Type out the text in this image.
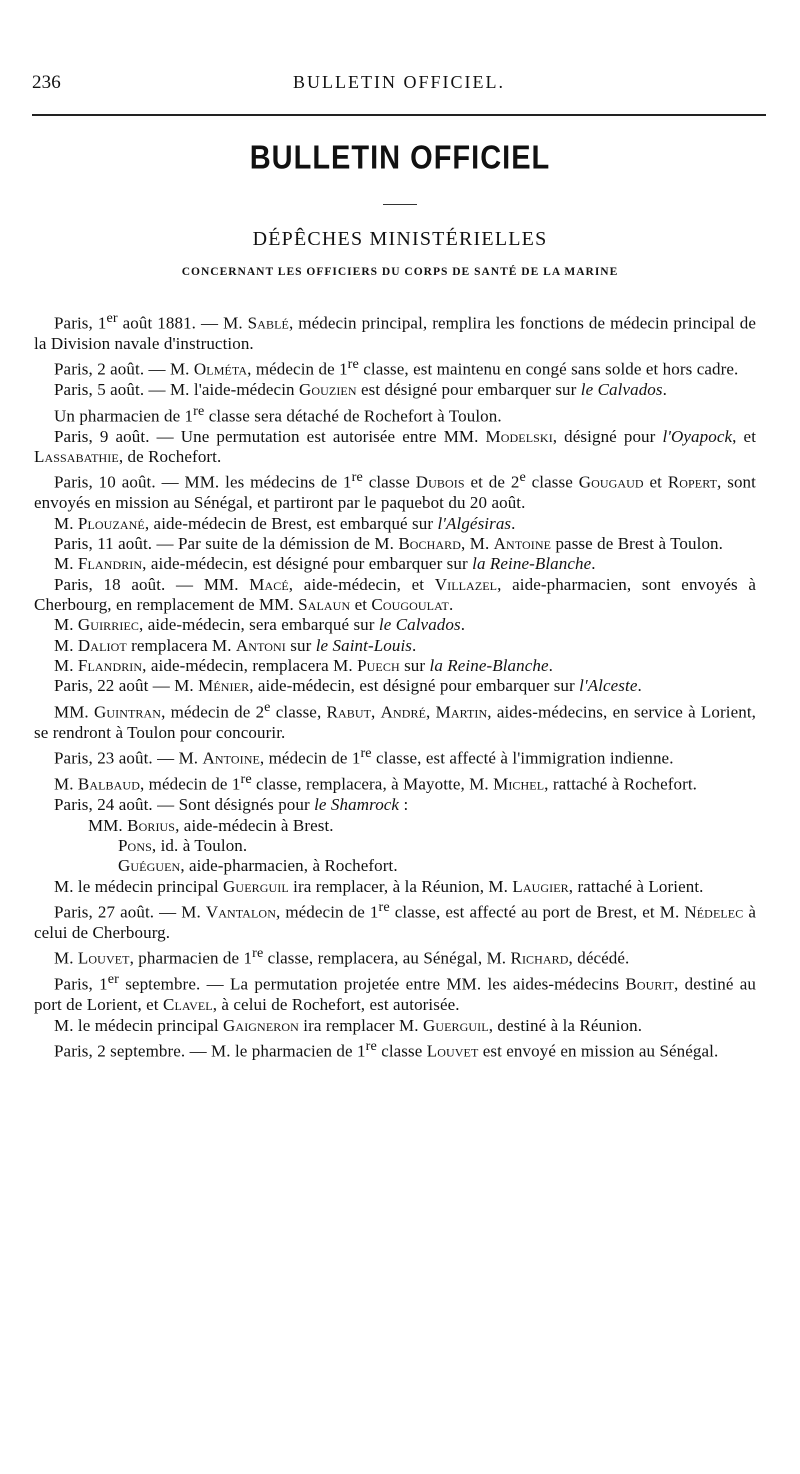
236	BULLETIN OFFICIEL.
BULLETIN OFFICIEL
DÉPÊCHES MINISTÉRIELLES
CONCERNANT LES OFFICIERS DU CORPS DE SANTÉ DE LA MARINE

Paris, 1er août 1881. — M. Sablé, médecin principal, remplira les fonctions de médecin principal de la Division navale d'instruction.

Paris, 2 août. — M. Olméta, médecin de 1re classe, est maintenu en congé sans solde et hors cadre.

Paris, 5 août. — M. l'aide-médecin Gouzien est désigné pour embarquer sur le Calvados.

Un pharmacien de 1re classe sera détaché de Rochefort à Toulon.

Paris, 9 août. — Une permutation est autorisée entre MM. Modelski, désigné pour l'Oyapock, et Lassabathie, de Rochefort.

Paris, 10 août. — MM. les médecins de 1re classe Dubois et de 2e classe Gougaud et Ropert, sont envoyés en mission au Sénégal, et partiront par le paquebot du 20 août.

M. Plouzané, aide-médecin de Brest, est embarqué sur l'Algésiras.

Paris, 11 août. — Par suite de la démission de M. Bochard, M. Antoine passe de Brest à Toulon.

M. Flandrin, aide-médecin, est désigné pour embarquer sur la Reine-Blanche.

Paris, 18 août. — MM. Macé, aide-médecin, et Villazel, aide-pharmacien, sont envoyés à Cherbourg, en remplacement de MM. Salaun et Cougoulat.

M. Guirriec, aide-médecin, sera embarqué sur le Calvados.

M. Daliot remplacera M. Antoni sur le Saint-Louis.

M. Flandrin, aide-médecin, remplacera M. Puech sur la Reine-Blanche.

Paris, 22 août — M. Ménier, aide-médecin, est désigné pour embarquer sur l'Alceste.

MM. Guintran, médecin de 2e classe, Rabut, André, Martin, aides-médecins, en service à Lorient, se rendront à Toulon pour concourir.

Paris, 23 août. — M. Antoine, médecin de 1re classe, est affecté à l'immigration indienne.

M. Balbaud, médecin de 1re classe, remplacera, à Mayotte, M. Michel, rattaché à Rochefort.

Paris, 24 août. — Sont désignés pour le Shamrock :

MM. Borius, aide-médecin à Brest.

Pons, id. à Toulon.

Guéguen, aide-pharmacien, à Rochefort.

M. le médecin principal Guerguil ira remplacer, à la Réunion, M. Laugier, rattaché à Lorient.

Paris, 27 août. — M. Vantalon, médecin de 1re classe, est affecté au port de Brest, et M. Nédelec à celui de Cherbourg.

M. Louvet, pharmacien de 1re classe, remplacera, au Sénégal, M. Richard, décédé.

Paris, 1er septembre. — La permutation projetée entre MM. les aides-médecins Bourit, destiné au port de Lorient, et Clavel, à celui de Rochefort, est autorisée.

M. le médecin principal Gaigneron ira remplacer M. Guerguil, destiné à la Réunion.

Paris, 2 septembre. — M. le pharmacien de 1re classe Louvet est envoyé en mission au Sénégal.
